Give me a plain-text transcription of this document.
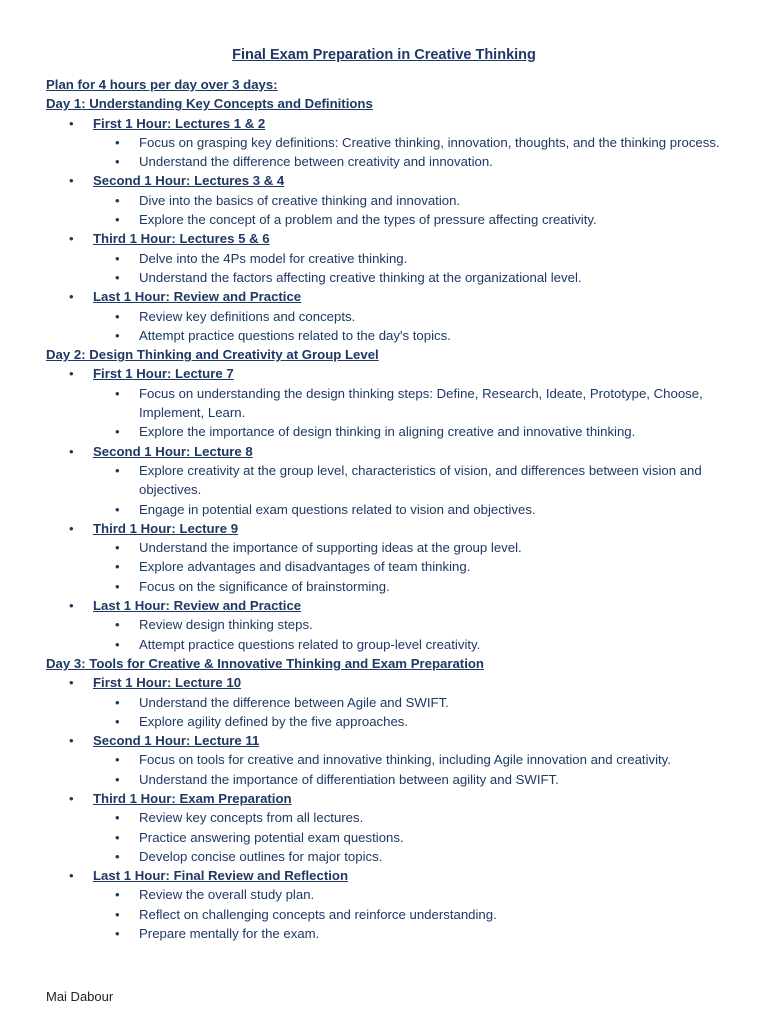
Final Exam Preparation in Creative Thinking
Plan for 4 hours per day over 3 days:
Day 1: Understanding Key Concepts and Definitions
• First 1 Hour: Lectures 1 & 2
• Focus on grasping key definitions: Creative thinking, innovation, thoughts, and the thinking process.
• Understand the difference between creativity and innovation.
• Second 1 Hour: Lectures 3 & 4
• Dive into the basics of creative thinking and innovation.
• Explore the concept of a problem and the types of pressure affecting creativity.
• Third 1 Hour: Lectures 5 & 6
• Delve into the 4Ps model for creative thinking.
• Understand the factors affecting creative thinking at the organizational level.
• Last 1 Hour: Review and Practice
• Review key definitions and concepts.
• Attempt practice questions related to the day's topics.
Day 2: Design Thinking and Creativity at Group Level
• First 1 Hour: Lecture 7
• Focus on understanding the design thinking steps: Define, Research, Ideate, Prototype, Choose, Implement, Learn.
• Explore the importance of design thinking in aligning creative and innovative thinking.
• Second 1 Hour: Lecture 8
• Explore creativity at the group level, characteristics of vision, and differences between vision and objectives.
• Engage in potential exam questions related to vision and objectives.
• Third 1 Hour: Lecture 9
• Understand the importance of supporting ideas at the group level.
• Explore advantages and disadvantages of team thinking.
• Focus on the significance of brainstorming.
• Last 1 Hour: Review and Practice
• Review design thinking steps.
• Attempt practice questions related to group-level creativity.
Day 3: Tools for Creative & Innovative Thinking and Exam Preparation
• First 1 Hour: Lecture 10
• Understand the difference between Agile and SWIFT.
• Explore agility defined by the five approaches.
• Second 1 Hour: Lecture 11
• Focus on tools for creative and innovative thinking, including Agile innovation and creativity.
• Understand the importance of differentiation between agility and SWIFT.
• Third 1 Hour: Exam Preparation
• Review key concepts from all lectures.
• Practice answering potential exam questions.
• Develop concise outlines for major topics.
• Last 1 Hour: Final Review and Reflection
• Review the overall study plan.
• Reflect on challenging concepts and reinforce understanding.
• Prepare mentally for the exam.
Mai Dabour
